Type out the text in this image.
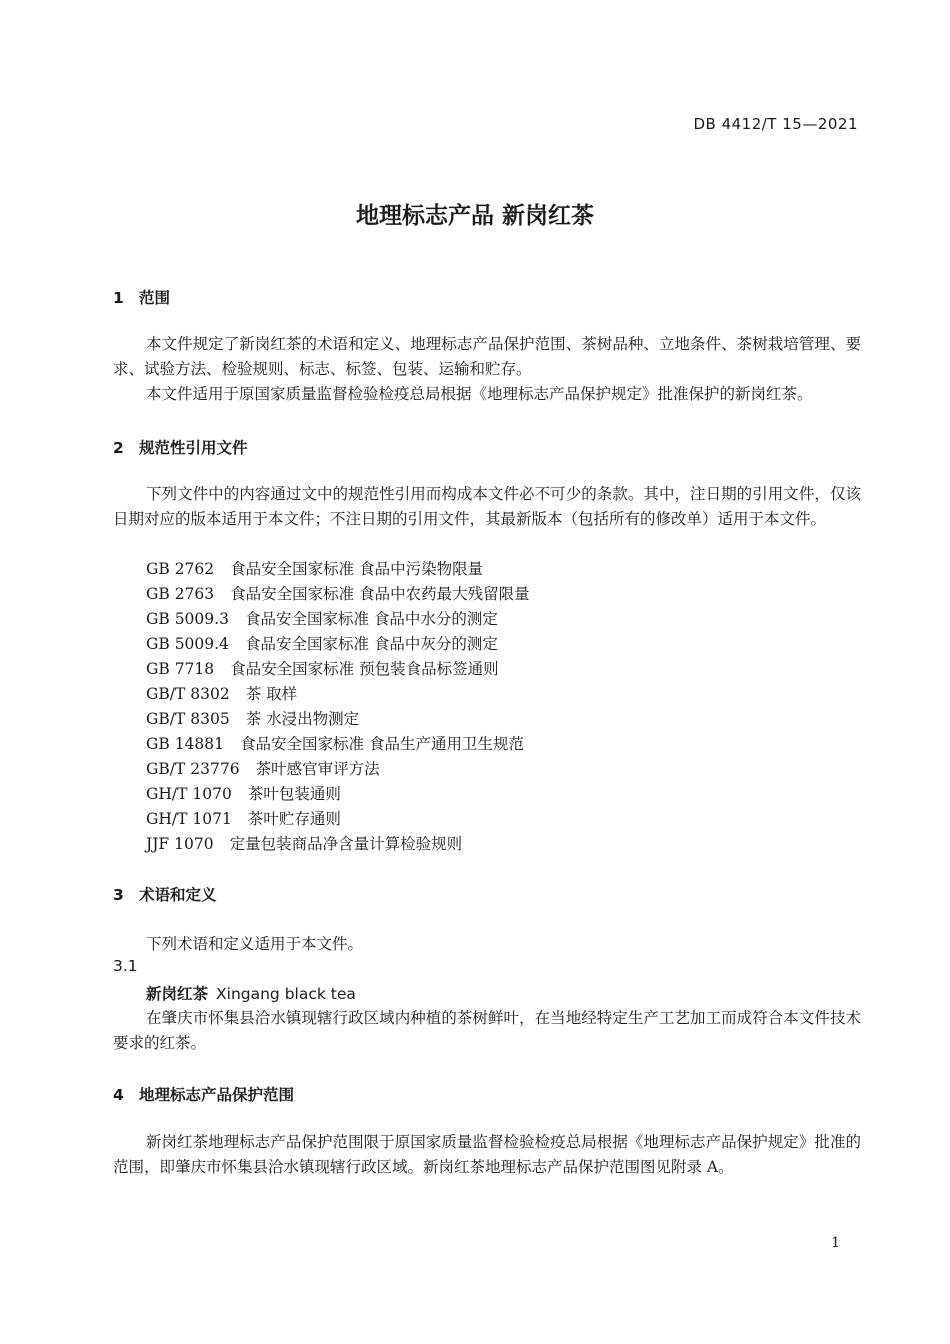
DB 4412/T 15—2021
地理标志产品 新岗红茶
1 范围

本文件规定了新岗红茶的术语和定义、地理标志产品保护范围、茶树品种、立地条件、茶树栽培管理、要求、试验方法、检验规则、标志、标签、包装、运输和贮存。

本文件适用于原国家质量监督检验检疫总局根据《地理标志产品保护规定》批准保护的新岗红茶。

2 规范性引用文件

下列文件中的内容通过文中的规范性引用而构成本文件必不可少的条款。其中，注日期的引用文件，仅该日期对应的版本适用于本文件；不注日期的引用文件，其最新版本（包括所有的修改单）适用于本文件。

GB 2762 食品安全国家标准 食品中污染物限量
GB 2763 食品安全国家标准 食品中农药最大残留限量
GB 5009.3 食品安全国家标准 食品中水分的测定
GB 5009.4 食品安全国家标准 食品中灰分的测定
GB 7718 食品安全国家标准 预包装食品标签通则
GB/T 8302 茶 取样
GB/T 8305 茶 水浸出物测定
GB 14881 食品安全国家标准 食品生产通用卫生规范
GB/T 23776 茶叶感官审评方法
GH/T 1070 茶叶包装通则
GH/T 1071 茶叶贮存通则
JJF 1070 定量包装商品净含量计算检验规则
3 术语和定义
下列术语和定义适用于本文件。
3.1
新岗红茶 Xingang black tea

在肇庆市怀集县洽水镇现辖行政区域内种植的茶树鲜叶，在当地经特定生产工艺加工而成符合本文件技术要求的红茶。

4 地理标志产品保护范围

新岗红茶地理标志产品保护范围限于原国家质量监督检验检疫总局根据《地理标志产品保护规定》批准的范围，即肇庆市怀集县洽水镇现辖行政区域。新岗红茶地理标志产品保护范围图见附录 A。

1
